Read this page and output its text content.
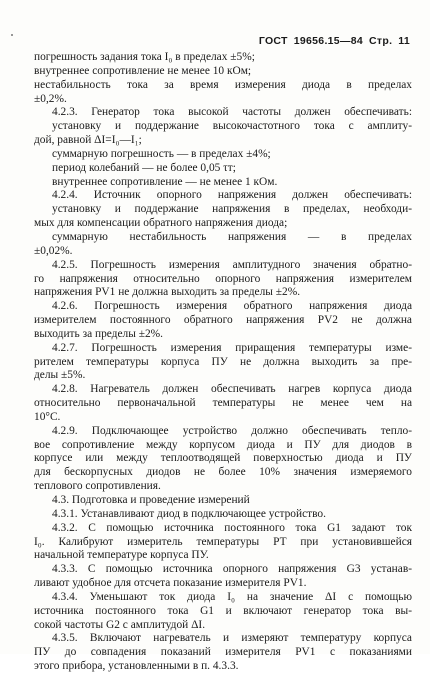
ГОСТ 19656.15—84 Стр. 11
погрешность задания тока I₀ в пределах ±5%;
внутреннее сопротивление не менее 10 кОм;
нестабильность тока за время измерения диода в пределах
±0,2%.
4.2.3. Генератор тока высокой частоты должен обеспечивать:
установку и поддержание высокочастотного тока с амплиту-
дой, равной ΔI=I₀—I₁;
суммарную погрешность — в пределах ±4%;
период колебаний — не более 0,05 τт;
внутреннее сопротивление — не менее 1 кОм.
4.2.4. Источник опорного напряжения должен обеспечивать:
установку и поддержание напряжения в пределах, необходи-
мых для компенсации обратного напряжения диода;
суммарную нестабильность напряжения — в пределах
±0,02%.
4.2.5. Погрешность измерения амплитудного значения обратно-
го напряжения относительно опорного напряжения измерителем
напряжения PV1 не должна выходить за пределы ±2%.
4.2.6. Погрешность измерения обратного напряжения диода
измерителем постоянного обратного напряжения PV2 не должна
выходить за пределы ±2%.
4.2.7. Погрешность измерения приращения температуры изме-
рителем температуры корпуса ПУ не должна выходить за пре-
делы ±5%.
4.2.8. Нагреватель должен обеспечивать нагрев корпуса диода
относительно первоначальной температуры не менее чем на
10°С.
4.2.9. Подключающее устройство должно обеспечивать тепло-
вое сопротивление между корпусом диода и ПУ для диодов в
корпусе или между теплоотводящей поверхностью диода и ПУ
для бескорпусных диодов не более 10% значения измеряемого
теплового сопротивления.
4.3. Подготовка и проведение измерений
4.3.1. Устанавливают диод в подключающее устройство.
4.3.2. С помощью источника постоянного тока G1 задают ток
I₀. Калибруют измеритель температуры РТ при установившейся
начальной температуре корпуса ПУ.
4.3.3. С помощью источника опорного напряжения G3 устанав-
ливают удобное для отсчета показание измерителя PV1.
4.3.4. Уменьшают ток диода I₀ на значение ΔI с помощью
источника постоянного тока G1 и включают генератор тока вы-
сокой частоты G2 с амплитудой ΔI.
4.3.5. Включают нагреватель и измеряют температуру корпуса
ПУ до совпадения показаний измерителя PV1 с показаниями
этого прибора, установленными в п. 4.3.3.
